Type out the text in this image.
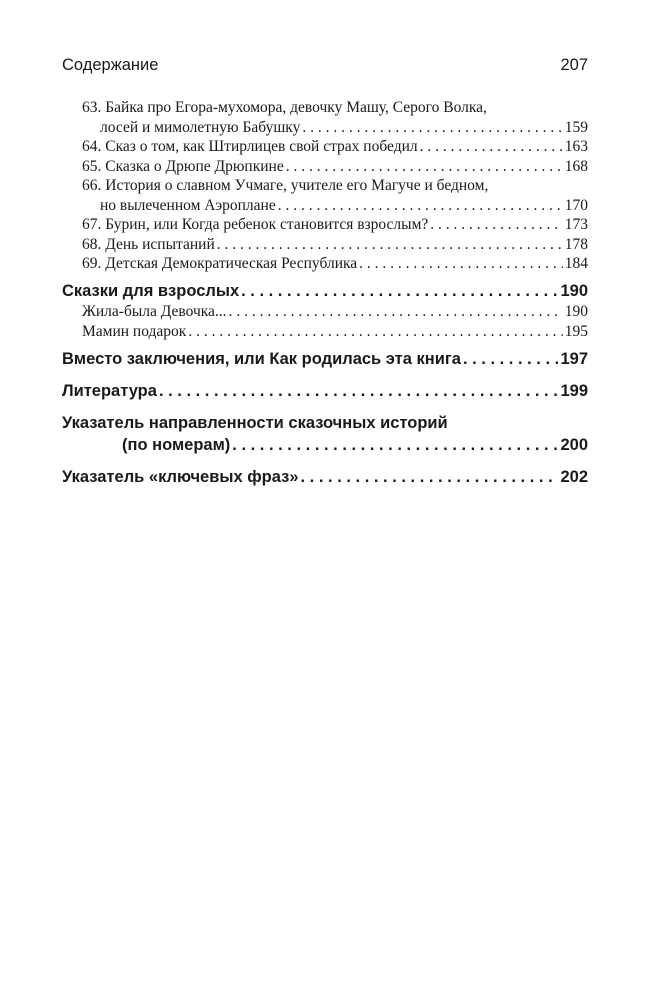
Содержание	207
63. Байка про Егора-мухомора, девочку Машу, Серого Волка,
лосей и мимолетную Бабушку . . .	159
64. Сказ о том, как Штирлицев свой страх победил . . .	163
65. Сказка о Дрюпе Дрюпкине . . .	168
66. История о славном Учмаге, учителе его Магуче и бедном,
но вылеченном Аэроплане . . .	170
67. Бурин, или Когда ребенок становится взрослым? . . .	173
68. День испытаний . . .	178
69. Детская Демократическая Республика . . .	184
Сказки для взрослых . . .	190
Жила-была Девочка... . . .	190
Мамин подарок . . .	195
Вместо заключения, или Как родилась эта книга . . .	197
Литература . . .	199
Указатель направленности сказочных историй
(по номерам) . . .	200
Указатель «ключевых фраз» . . .	202
